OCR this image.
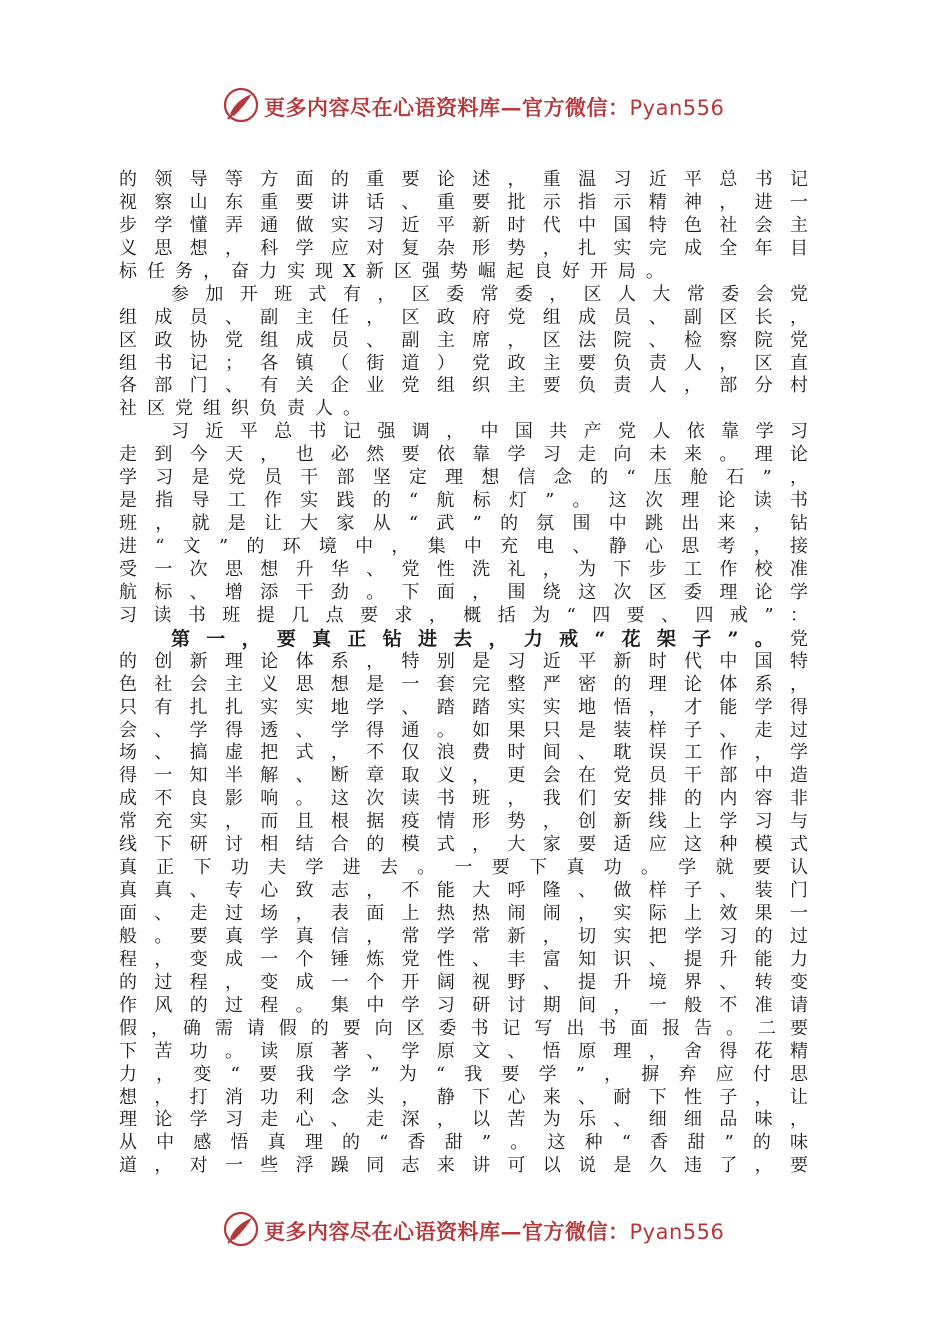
更多内容尽在心语资料库—官方微信：Pyan556
的领导等方面的重要论述，重温习近平总书记
视察山东重要讲话、重要批示指示精神，进一
步学懂弄通做实习近平新时代中国特色社会主
义思想，科学应对复杂形势，扎实完成全年目
标任务，奋力实现X新区强势崛起良好开局。
参加开班式有，区委常委，区人大常委会党
组成员、副主任，区政府党组成员、副区长，
区政协党组成员、副主席，区法院、检察院党
组书记；各镇（街道）党政主要负责人，区直
各部门、有关企业党组织主要负责人，部分村
社区党组织负责人。
习近平总书记强调，中国共产党人依靠学习
走到今天，也必然要依靠学习走向未来。理论
学习是党员干部坚定理想信念的“压舱石”，
是指导工作实践的“航标灯”。这次理论读书
班，就是让大家从“武”的氛围中跳出来，钻
进“文”的环境中，集中充电、静心思考，接
受一次思想升华、党性洗礼，为下步工作校准
航标、增添干劲。下面，围绕这次区委理论学
习读书班提几点要求，概括为“四要、四戒”：
第一，要真正钻进去，力戒“花架子”。党
的创新理论体系，特别是习近平新时代中国特
色社会主义思想是一套完整严密的理论体系，
只有扎扎实实地学、踏踏实实地悟，才能学得
会、学得透、学得通。如果只是装样子、走过
场、搞虚把式，不仅浪费时间、耽误工作，学
得一知半解、断章取义，更会在党员干部中造
成不良影响。这次读书班，我们安排的内容非
常充实，而且根据疫情形势，创新线上学习与
线下研讨相结合的模式，大家要适应这种模式
真正下功夫学进去。一要下真功。学就要认
真真、专心致志，不能大呼隆、做样子、装门
面、走过场，表面上热热闹闹，实际上效果一
般。要真学真信，常学常新，切实把学习的过
程，变成一个锤炼党性、丰富知识、提升能力
的过程，变成一个开阔视野、提升境界、转变
作风的过程。集中学习研讨期间，一般不准请
假，确需请假的要向区委书记写出书面报告。二要
下苦功。读原著、学原文、悟原理，舍得花精
力，变“要我学”为“我要学”，摒弃应付思
想，打消功利念头，静下心来、耐下性子，让
理论学习走心、走深，以苦为乐、细细品味，
从中感悟真理的“香甜”。这种“香甜”的味
道，对一些浮躁同志来讲可以说是久违了，要
更多内容尽在心语资料库—官方微信：Pyan556
